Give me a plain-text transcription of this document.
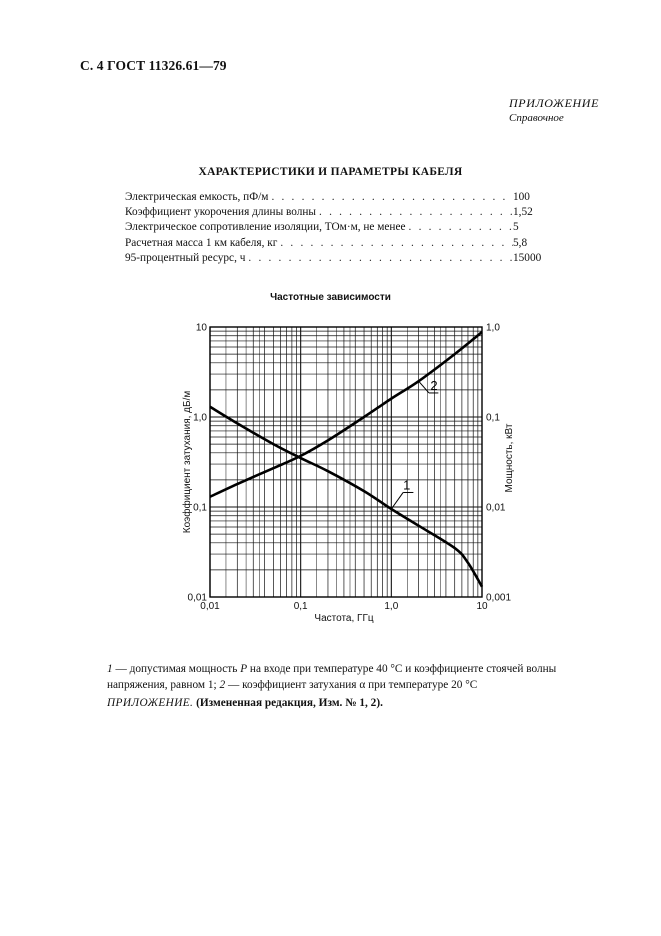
С. 4 ГОСТ 11326.61—79
ПРИЛОЖЕНИЕ
Справочное
ХАРАКТЕРИСТИКИ И ПАРАМЕТРЫ КАБЕЛЯ
Электрическая емкость, пФ/м . . .	100
Коэффициент укорочения длины волны . . .	1,52
Электрическое сопротивление изоляции, ТОм·м, не менее . . .	5
Расчетная масса 1 км кабеля, кг . . .	5,8
95-процентный ресурс, ч . . .	15000
Частотные зависимости
0,01	0,1	1,0	10
0,01
0,1
1,0
10
0,001
0,01
0,1
1,0
Частота, ГГц
Коэффициент затухания, дБ/м	Мощность, кВт
1
2
1 — допустимая мощность P на входе при температуре 40 °С и коэффициенте стоячей волны напряжения, равном 1; 2 — коэффициент затухания α при температуре 20 °С
ПРИЛОЖЕНИЕ. (Измененная редакция, Изм. № 1, 2).
